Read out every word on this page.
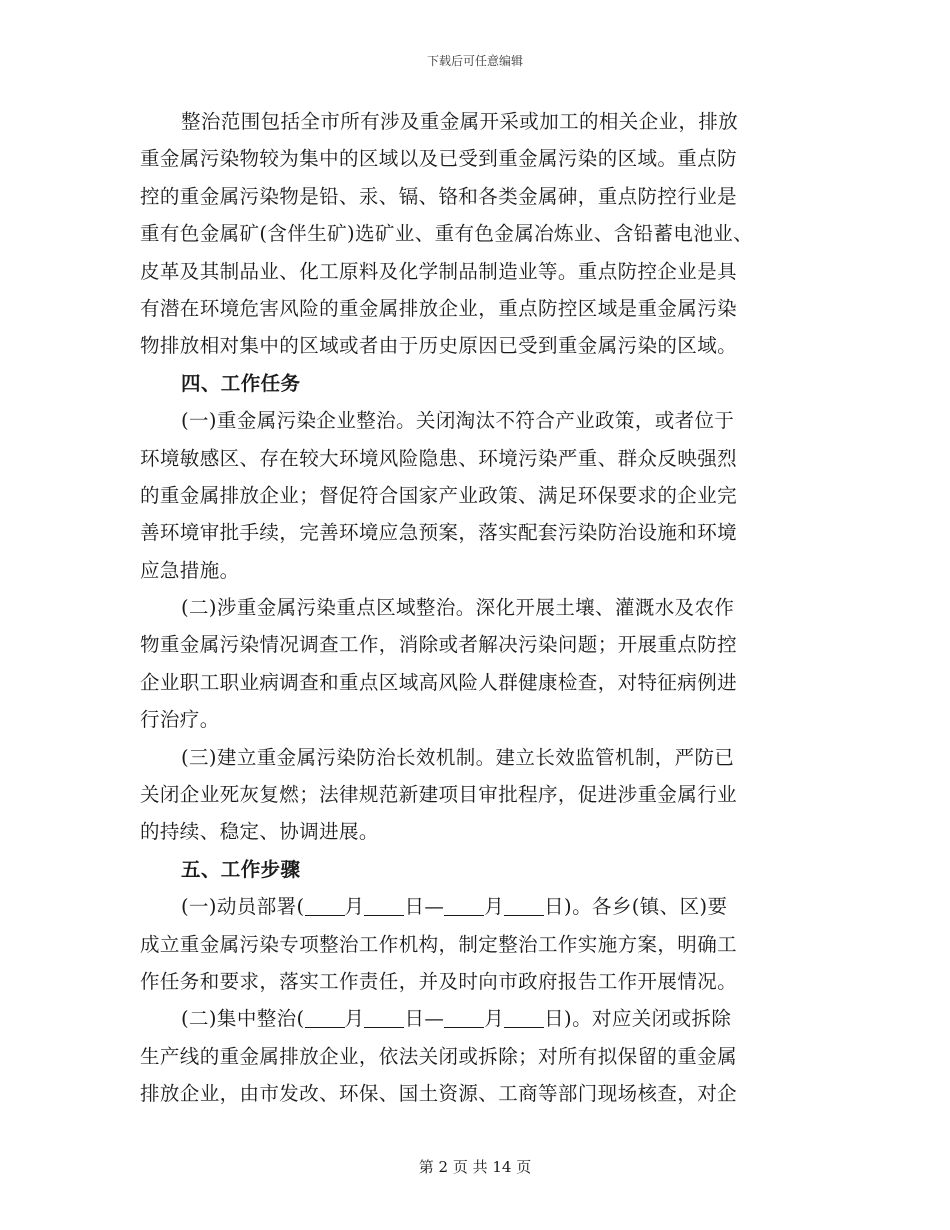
下载后可任意编辑
整治范围包括全市所有涉及重金属开采或加工的相关企业，排放
重金属污染物较为集中的区域以及已受到重金属污染的区域。重点防
控的重金属污染物是铅、汞、镉、铬和各类金属砷，重点防控行业是
重有色金属矿(含伴生矿)选矿业、重有色金属冶炼业、含铅蓄电池业、
皮革及其制品业、化工原料及化学制品制造业等。重点防控企业是具
有潜在环境危害风险的重金属排放企业，重点防控区域是重金属污染
物排放相对集中的区域或者由于历史原因已受到重金属污染的区域。
四、工作任务
(一)重金属污染企业整治。关闭淘汰不符合产业政策，或者位于
环境敏感区、存在较大环境风险隐患、环境污染严重、群众反映强烈
的重金属排放企业；督促符合国家产业政策、满足环保要求的企业完
善环境审批手续，完善环境应急预案，落实配套污染防治设施和环境
应急措施。
(二)涉重金属污染重点区域整治。深化开展土壤、灌溉水及农作
物重金属污染情况调查工作，消除或者解决污染问题；开展重点防控
企业职工职业病调查和重点区域高风险人群健康检查，对特征病例进
行治疗。
(三)建立重金属污染防治长效机制。建立长效监管机制，严防已
关闭企业死灰复燃；法律规范新建项目审批程序，促进涉重金属行业
的持续、稳定、协调进展。
五、工作步骤
(一)动员部署( 月 日— 月 日)。各乡(镇、区)要
成立重金属污染专项整治工作机构，制定整治工作实施方案，明确工
作任务和要求，落实工作责任，并及时向市政府报告工作开展情况。
(二)集中整治( 月 日— 月 日)。对应关闭或拆除
生产线的重金属排放企业，依法关闭或拆除；对所有拟保留的重金属
排放企业，由市发改、环保、国土资源、工商等部门现场核查，对企
第 2 页 共 14 页
